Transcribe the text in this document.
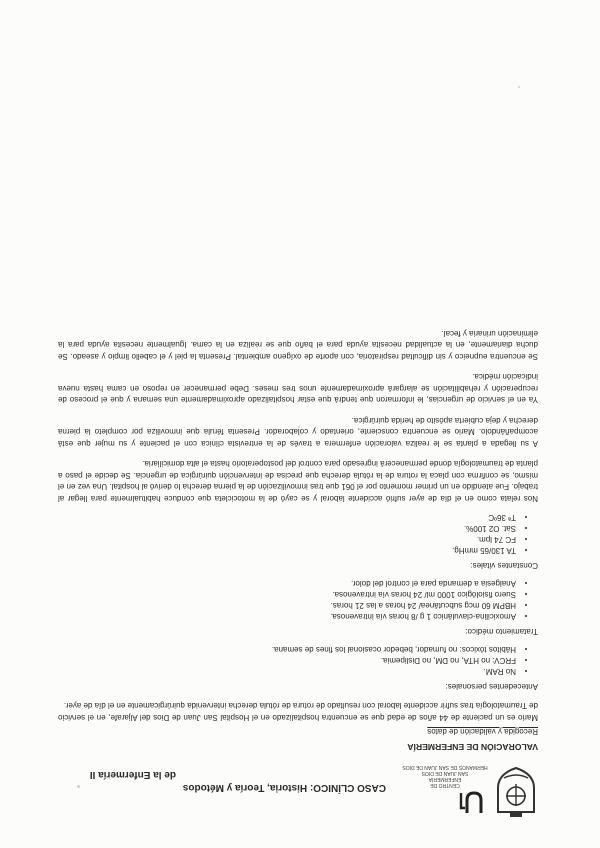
CENTRO DE
ENFERMERÍA
SAN JUAN DE DIOS
HERMANOS DE SAN JUAN DE DIOS
CASO CLÍNICO: Historia, Teoría y Métodos
de la Enfermería II
VALORACIÓN DE ENFERMERÍA
Recogida y validación de datos

Mario es un paciente de 44 años de edad que se encuentra hospitalizado en el Hospital San Juan de Dios del Aljarafe, en el servicio de Traumatología tras sufrir accidente laboral con resultado de rotura de rótula derecha intervenida quirúrgicamente en el día de ayer.

Antecedentes personales:
• No RAM.
• FRCV: no HTA, no DM, no Dislipemia.
• Hábitos tóxicos: no fumador, bebedor ocasional los fines de semana.
Tratamiento médico:
• Amoxicilina-clavulánico 1 g /8 horas vía intravenosa.
• HBPM 60 mcg subcutánea/ 24 horas a las 21 horas.
• Suero fisiológico 1000 ml/ 24 horas vía intravenosa.
• Analgesia a demanda para el control del dolor.
Constantes vitales:
• TA 130/65 mmHg.
• FC 74 lpm.
• Sat. O2 100%.
• Tª 36ºC

Nos relata como en el día de ayer sufrió accidente laboral y se cayó de la motocicleta que conduce habitualmente para llegar al trabajo. Fue atendido en un primer momento por el 061 que tras inmovilización de la pierna derecha lo derivó al hospital. Una vez en el mismo, se confirma con placa la rotura de la rótula derecha que precisa de intervención quirúrgica de urgencia. Se decide el paso a planta de traumatología donde permanecerá ingresado para control del postoperatorio hasta el alta domiciliaria.

A su llegada a planta se le realiza valoración enfermera a través de la entrevista clínica con el paciente y su mujer que está acompañándolo. Mario se encuentra consciente, orientado y colaborador. Presenta férula que inmoviliza por completo la pierna derecha y deja cubierta apósito de herida quirúrgica.

Ya en el servicio de urgencias, le informaron que tendrá que estar hospitalizado aproximadamente una semana y que el proceso de recuperación y rehabilitación se alargará aproximadamente unos tres meses. Debe permanecer en reposo en cama hasta nueva indicación médica.

Se encuentra eupneico y sin dificultad respiratoria, con aporte de oxígeno ambiental. Presenta la piel y el cabello limpio y aseado. Se ducha diariamente, en la actualidad necesita ayuda para el baño que se realiza en la cama. Igualmente necesita ayuda para la eliminación urinaria y fecal.
